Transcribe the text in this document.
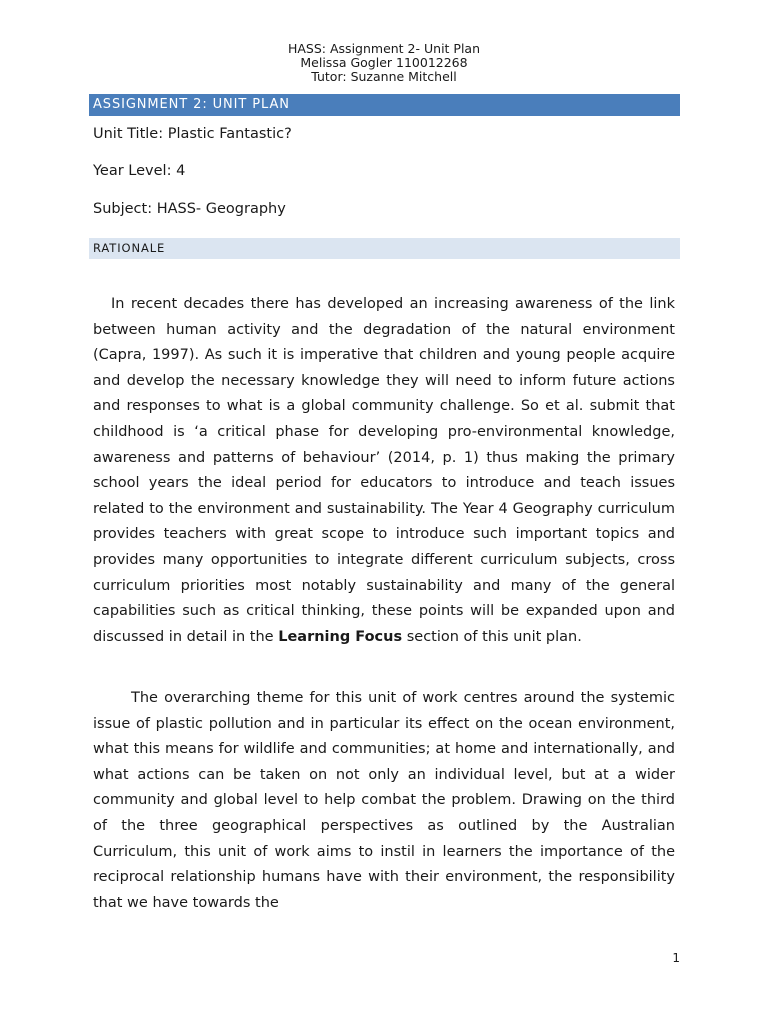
HASS: Assignment 2- Unit Plan
Melissa Gogler 110012268
Tutor: Suzanne Mitchell
ASSIGNMENT 2: UNIT PLAN
Unit Title: Plastic Fantastic?
Year Level: 4
Subject: HASS- Geography
RATIONALE

In recent decades there has developed an increasing awareness of the link between human activity and the degradation of the natural environment (Capra, 1997). As such it is imperative that children and young people acquire and develop the necessary knowledge they will need to inform future actions and responses to what is a global community challenge. So et al. submit that childhood is ‘a critical phase for developing pro-environmental knowledge, awareness and patterns of behaviour’ (2014, p. 1) thus making the primary school years the ideal period for educators to introduce and teach issues related to the environment and sustainability. The Year 4 Geography curriculum provides teachers with great scope to introduce such important topics and provides many opportunities to integrate different curriculum subjects, cross curriculum priorities most notably sustainability and many of the general capabilities such as critical thinking, these points will be expanded upon and discussed in detail in the Learning Focus section of this unit plan.

The overarching theme for this unit of work centres around the systemic issue of plastic pollution and in particular its effect on the ocean environment, what this means for wildlife and communities; at home and internationally, and what actions can be taken on not only an individual level, but at a wider community and global level to help combat the problem. Drawing on the third of the three geographical perspectives as outlined by the Australian Curriculum, this unit of work aims to instil in learners the importance of the reciprocal relationship humans have with their environment, the responsibility that we have towards the

1
